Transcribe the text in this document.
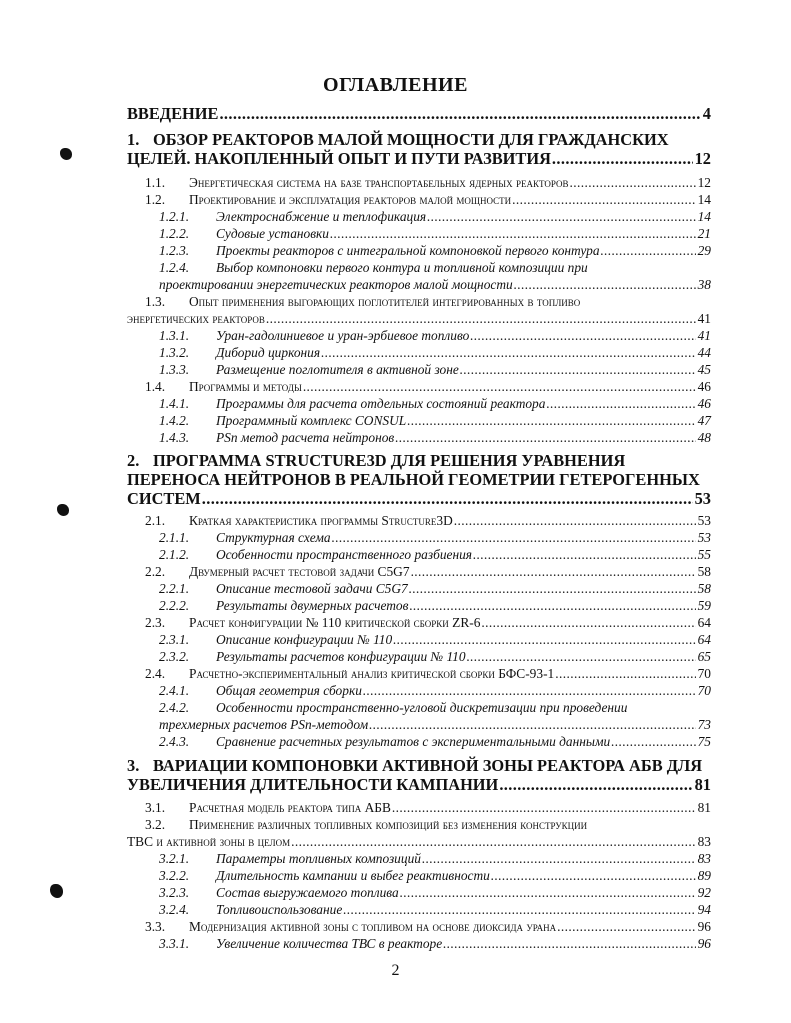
ОГЛАВЛЕНИЕ
ВВЕДЕНИЕ .....	4
1. ОБЗОР РЕАКТОРОВ МАЛОЙ МОЩНОСТИ ДЛЯ ГРАЖДАНСКИХ
ЦЕЛЕЙ. НАКОПЛЕННЫЙ ОПЫТ И ПУТИ РАЗВИТИЯ .....	12
1.1.	Энергетическая система на базе транспортабельных ядерных реакторов .....	12
1.2.	Проектирование и эксплуатация реакторов малой мощности .....	14
1.2.1.	Электроснабжение и теплофикация .....	14
1.2.2.	Судовые установки .....	21
1.2.3.	Проекты реакторов с интегральной компоновкой первого контура .....	29
1.2.4.	Выбор компоновки первого контура и топливной композиции при
проектировании энергетических реакторов малой мощности .....	38
1.3.	Опыт применения выгорающих поглотителей интегрированных в топливо
энергетических реакторов .....	41
1.3.1.	Уран-гадолиниевое и уран-эрбиевое топливо .....	41
1.3.2.	Диборид циркония .....	44
1.3.3.	Размещение поглотителя в активной зоне .....	45
1.4.	Программы и методы .....	46
1.4.1.	Программы для расчета отдельных состояний реактора .....	46
1.4.2.	Программный комплекс CONSUL .....	47
1.4.3.	PSn метод расчета нейтронов .....	48
2. ПРОГРАММА STRUCTURE3D ДЛЯ РЕШЕНИЯ УРАВНЕНИЯ
ПЕРЕНОСА НЕЙТРОНОВ В РЕАЛЬНОЙ ГЕОМЕТРИИ ГЕТЕРОГЕННЫХ
СИСТЕМ .....	53
2.1.	Краткая характеристика программы Structure3D .....	53
2.1.1.	Структурная схема .....	53
2.1.2.	Особенности пространственного разбиения .....	55
2.2.	Двумерный расчет тестовой задачи C5G7 .....	58
2.2.1.	Описание тестовой задачи C5G7 .....	58
2.2.2.	Результаты двумерных расчетов .....	59
2.3.	Расчет конфигурации № 110 критической сборки ZR-6 .....	64
2.3.1.	Описание конфигурации № 110 .....	64
2.3.2.	Результаты расчетов конфигурации № 110 .....	65
2.4.	Расчетно-экспериментальный анализ критической сборки БФС-93-1 .....	70
2.4.1.	Общая геометрия сборки .....	70
2.4.2.	Особенности пространственно-угловой дискретизации при проведении
трехмерных расчетов PSn-методом .....	73
2.4.3.	Сравнение расчетных результатов с экспериментальными данными .....	75
3. ВАРИАЦИИ КОМПОНОВКИ АКТИВНОЙ ЗОНЫ РЕАКТОРА АБВ ДЛЯ
УВЕЛИЧЕНИЯ ДЛИТЕЛЬНОСТИ КАМПАНИИ .....	81
3.1.	Расчетная модель реактора типа АБВ .....	81
3.2.	Применение различных топливных композиций без изменения конструкции
ТВС и активной зоны в целом .....	83
3.2.1.	Параметры топливных композиций .....	83
3.2.2.	Длительность кампании и выбег реактивности .....	89
3.2.3.	Состав выгружаемого топлива .....	92
3.2.4.	Топливоиспользование .....	94
3.3.	Модернизация активной зоны с топливом на основе диоксида урана .....	96
3.3.1.	Увеличение количества ТВС в реакторе .....	96
2
